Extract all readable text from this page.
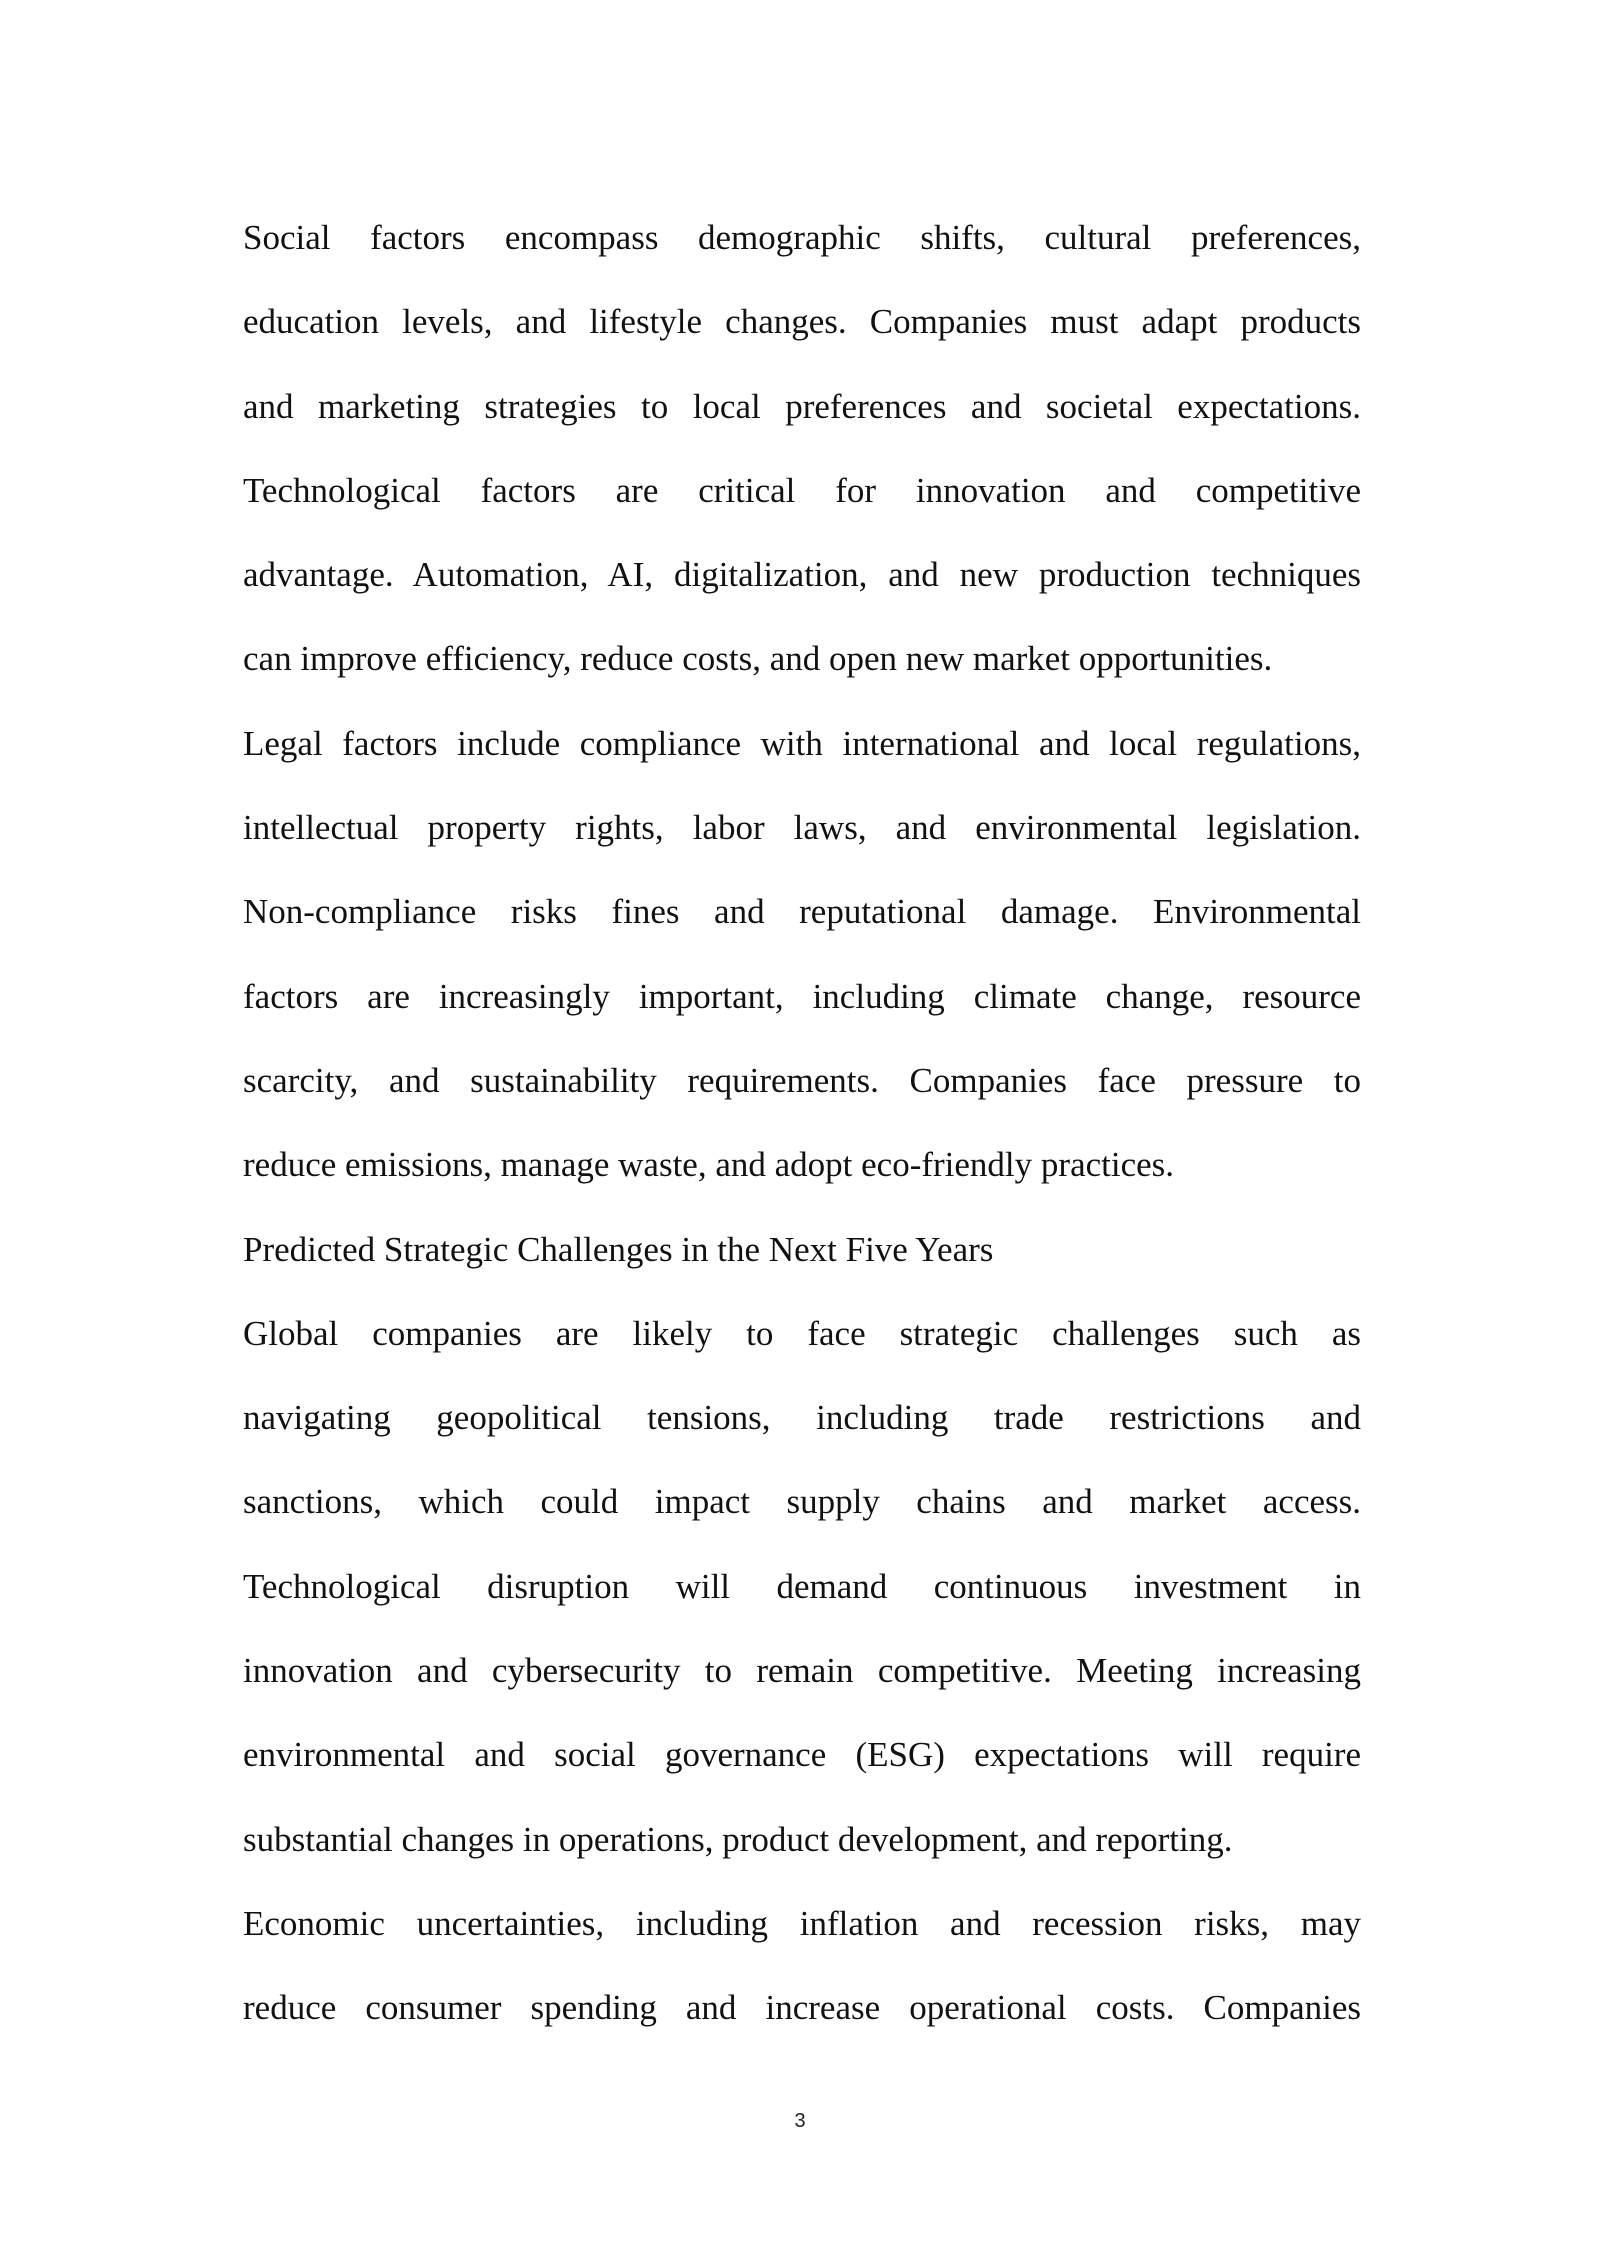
Social factors encompass demographic shifts, cultural preferences,
education levels, and lifestyle changes. Companies must adapt products
and marketing strategies to local preferences and societal expectations.
Technological factors are critical for innovation and competitive
advantage. Automation, AI, digitalization, and new production techniques
can improve efficiency, reduce costs, and open new market opportunities.
Legal factors include compliance with international and local regulations,
intellectual property rights, labor laws, and environmental legislation.
Non-compliance risks fines and reputational damage. Environmental
factors are increasingly important, including climate change, resource
scarcity, and sustainability requirements. Companies face pressure to
reduce emissions, manage waste, and adopt eco-friendly practices.
Predicted Strategic Challenges in the Next Five Years
Global companies are likely to face strategic challenges such as
navigating geopolitical tensions, including trade restrictions and
sanctions, which could impact supply chains and market access.
Technological disruption will demand continuous investment in
innovation and cybersecurity to remain competitive. Meeting increasing
environmental and social governance (ESG) expectations will require
substantial changes in operations, product development, and reporting.
Economic uncertainties, including inflation and recession risks, may
reduce consumer spending and increase operational costs. Companies
3
